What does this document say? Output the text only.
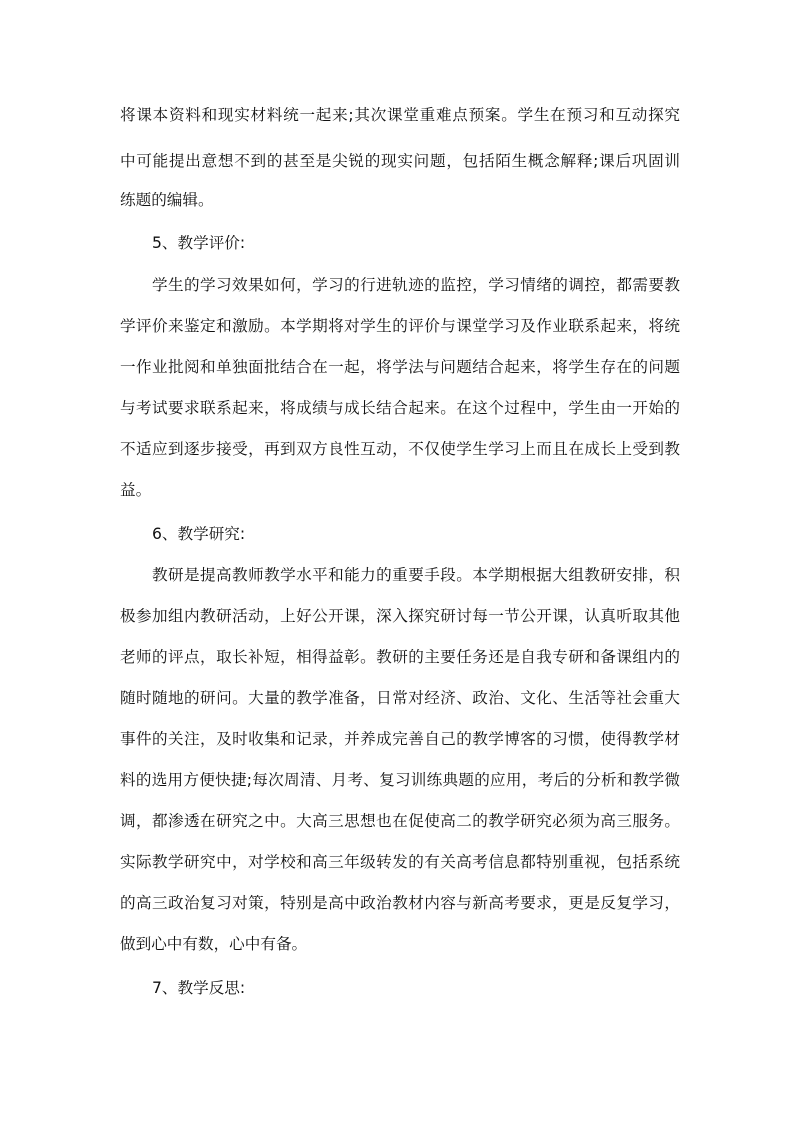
将课本资料和现实材料统一起来;其次课堂重难点预案。学生在预习和互动探究
中可能提出意想不到的甚至是尖锐的现实问题，包括陌生概念解释;课后巩固训
练题的编辑。
5、教学评价:
学生的学习效果如何，学习的行进轨迹的监控，学习情绪的调控，都需要教
学评价来鉴定和激励。本学期将对学生的评价与课堂学习及作业联系起来，将统
一作业批阅和单独面批结合在一起，将学法与问题结合起来，将学生存在的问题
与考试要求联系起来，将成绩与成长结合起来。在这个过程中，学生由一开始的
不适应到逐步接受，再到双方良性互动，不仅使学生学习上而且在成长上受到教
益。
6、教学研究:
教研是提高教师教学水平和能力的重要手段。本学期根据大组教研安排，积
极参加组内教研活动，上好公开课，深入探究研讨每一节公开课，认真听取其他
老师的评点，取长补短，相得益彰。教研的主要任务还是自我专研和备课组内的
随时随地的研问。大量的教学准备，日常对经济、政治、文化、生活等社会重大
事件的关注，及时收集和记录，并养成完善自己的教学博客的习惯，使得教学材
料的选用方便快捷;每次周清、月考、复习训练典题的应用，考后的分析和教学微
调，都渗透在研究之中。大高三思想也在促使高二的教学研究必须为高三服务。
实际教学研究中，对学校和高三年级转发的有关高考信息都特别重视，包括系统
的高三政治复习对策，特别是高中政治教材内容与新高考要求，更是反复学习，
做到心中有数，心中有备。
7、教学反思:
